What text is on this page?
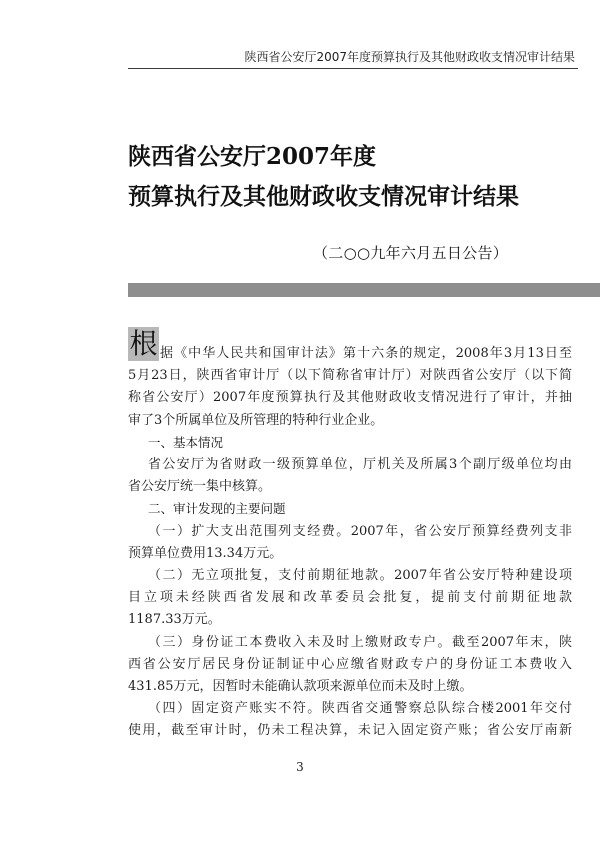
陕西省公安厅2007年度预算执行及其他财政收支情况审计结果
陕西省公安厅2007年度
预算执行及其他财政收支情况审计结果
（二○○九年六月五日公告）
根 据《中华人民共和国审计法》第十六条的规定，2008年3月13日至
5月23日，陕西省审计厅（以下简称省审计厅）对陕西省公安厅（以下简
称省公安厅）2007年度预算执行及其他财政收支情况进行了审计，并抽
审了3个所属单位及所管理的特种行业企业。
一、基本情况
省公安厅为省财政一级预算单位，厅机关及所属3个副厅级单位均由
省公安厅统一集中核算。
二、审计发现的主要问题
（一）扩大支出范围列支经费。2007年，省公安厅预算经费列支非
预算单位费用13.34万元。
（二）无立项批复，支付前期征地款。2007年省公安厅特种建设项
目立项未经陕西省发展和改革委员会批复，提前支付前期征地款
1187.33万元。
（三）身份证工本费收入未及时上缴财政专户。截至2007年末，陕
西省公安厅居民身份证制证中心应缴省财政专户的身份证工本费收入
431.85万元，因暂时未能确认款项来源单位而未及时上缴。
（四）固定资产账实不符。陕西省交通警察总队综合楼2001年交付
使用，截至审计时，仍未工程决算，未记入固定资产账；省公安厅南新
3
